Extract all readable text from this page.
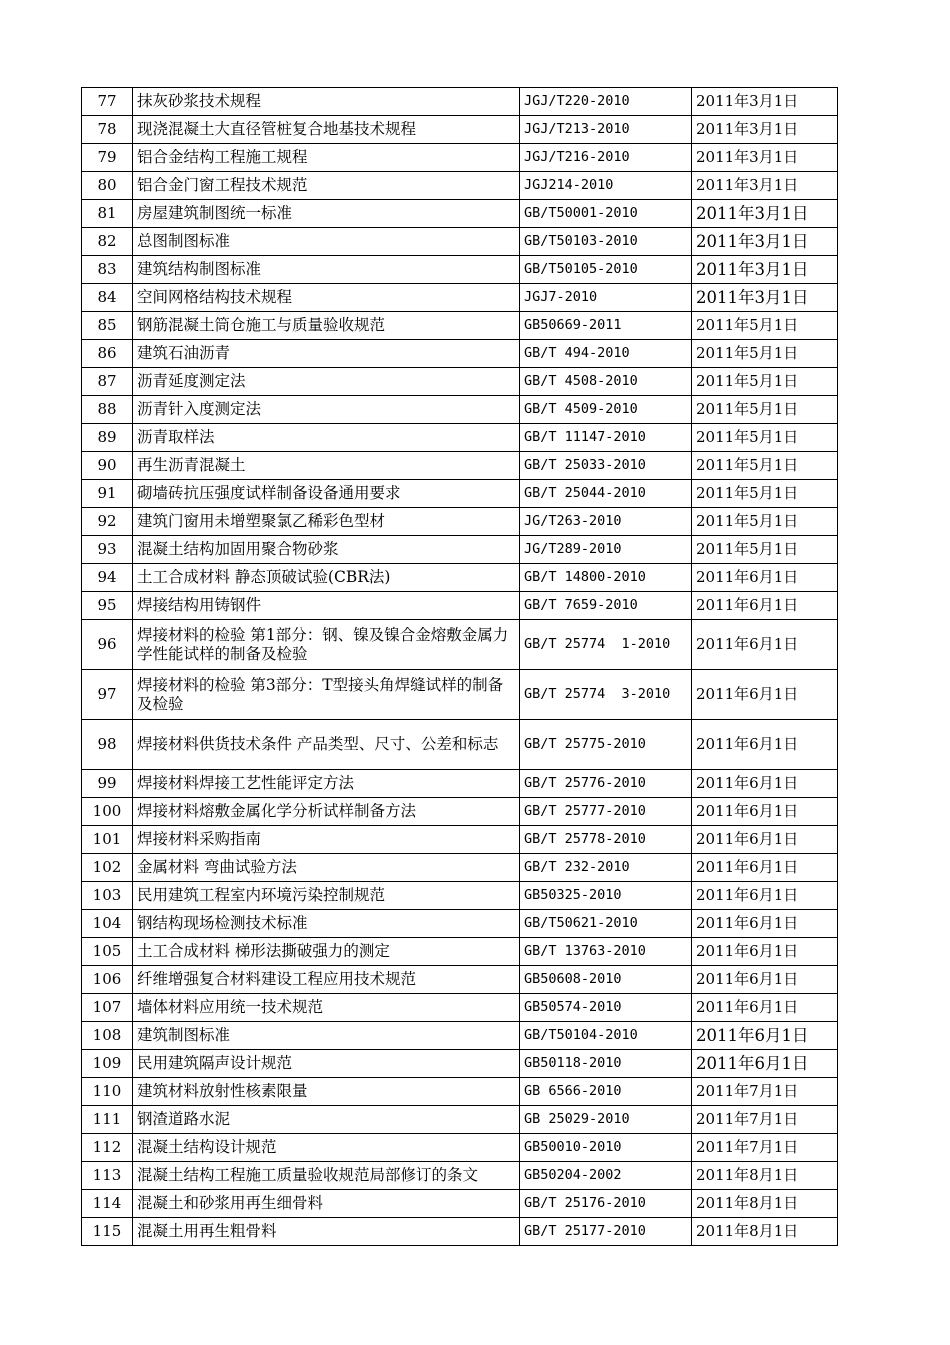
77	抹灰砂浆技术规程	JGJ/T220-2010	2011年3月1日
78	现浇混凝土大直径管桩复合地基技术规程	JGJ/T213-2010	2011年3月1日
79	铝合金结构工程施工规程	JGJ/T216-2010	2011年3月1日
80	铝合金门窗工程技术规范	JGJ214-2010	2011年3月1日
81	房屋建筑制图统一标准	GB/T50001-2010	2011年3月1日
82	总图制图标准	GB/T50103-2010	2011年3月1日
83	建筑结构制图标准	GB/T50105-2010	2011年3月1日
84	空间网格结构技术规程	JGJ7-2010	2011年3月1日
85	钢筋混凝土筒仓施工与质量验收规范	GB50669-2011	2011年5月1日
86	建筑石油沥青	GB/T 494-2010	2011年5月1日
87	沥青延度测定法	GB/T 4508-2010	2011年5月1日
88	沥青针入度测定法	GB/T 4509-2010	2011年5月1日
89	沥青取样法	GB/T 11147-2010	2011年5月1日
90	再生沥青混凝土	GB/T 25033-2010	2011年5月1日
91	砌墙砖抗压强度试样制备设备通用要求	GB/T 25044-2010	2011年5月1日
92	建筑门窗用未增塑聚氯乙稀彩色型材	JG/T263-2010	2011年5月1日
93	混凝土结构加固用聚合物砂浆	JG/T289-2010	2011年5月1日
94	土工合成材料 静态顶破试验(CBR法)	GB/T 14800-2010	2011年6月1日
95	焊接结构用铸钢件	GB/T 7659-2010	2011年6月1日
96	焊接材料的检验 第1部分：钢、镍及镍合金熔敷金属力学性能试样的制备及检验	GB/T 25774  1-2010	2011年6月1日
97	焊接材料的检验 第3部分：T型接头角焊缝试样的制备及检验	GB/T 25774  3-2010	2011年6月1日
98	焊接材料供货技术条件 产品类型、尺寸、公差和标志	GB/T 25775-2010	2011年6月1日
99	焊接材料焊接工艺性能评定方法	GB/T 25776-2010	2011年6月1日
100	焊接材料熔敷金属化学分析试样制备方法	GB/T 25777-2010	2011年6月1日
101	焊接材料采购指南	GB/T 25778-2010	2011年6月1日
102	金属材料 弯曲试验方法	GB/T 232-2010	2011年6月1日
103	民用建筑工程室内环境污染控制规范	GB50325-2010	2011年6月1日
104	钢结构现场检测技术标准	GB/T50621-2010	2011年6月1日
105	土工合成材料 梯形法撕破强力的测定	GB/T 13763-2010	2011年6月1日
106	纤维增强复合材料建设工程应用技术规范	GB50608-2010	2011年6月1日
107	墙体材料应用统一技术规范	GB50574-2010	2011年6月1日
108	建筑制图标准	GB/T50104-2010	2011年6月1日
109	民用建筑隔声设计规范	GB50118-2010	2011年6月1日
110	建筑材料放射性核素限量	GB 6566-2010	2011年7月1日
111	钢渣道路水泥	GB 25029-2010	2011年7月1日
112	混凝土结构设计规范	GB50010-2010	2011年7月1日
113	混凝土结构工程施工质量验收规范局部修订的条文	GB50204-2002	2011年8月1日
114	混凝土和砂浆用再生细骨料	GB/T 25176-2010	2011年8月1日
115	混凝土用再生粗骨料	GB/T 25177-2010	2011年8月1日
